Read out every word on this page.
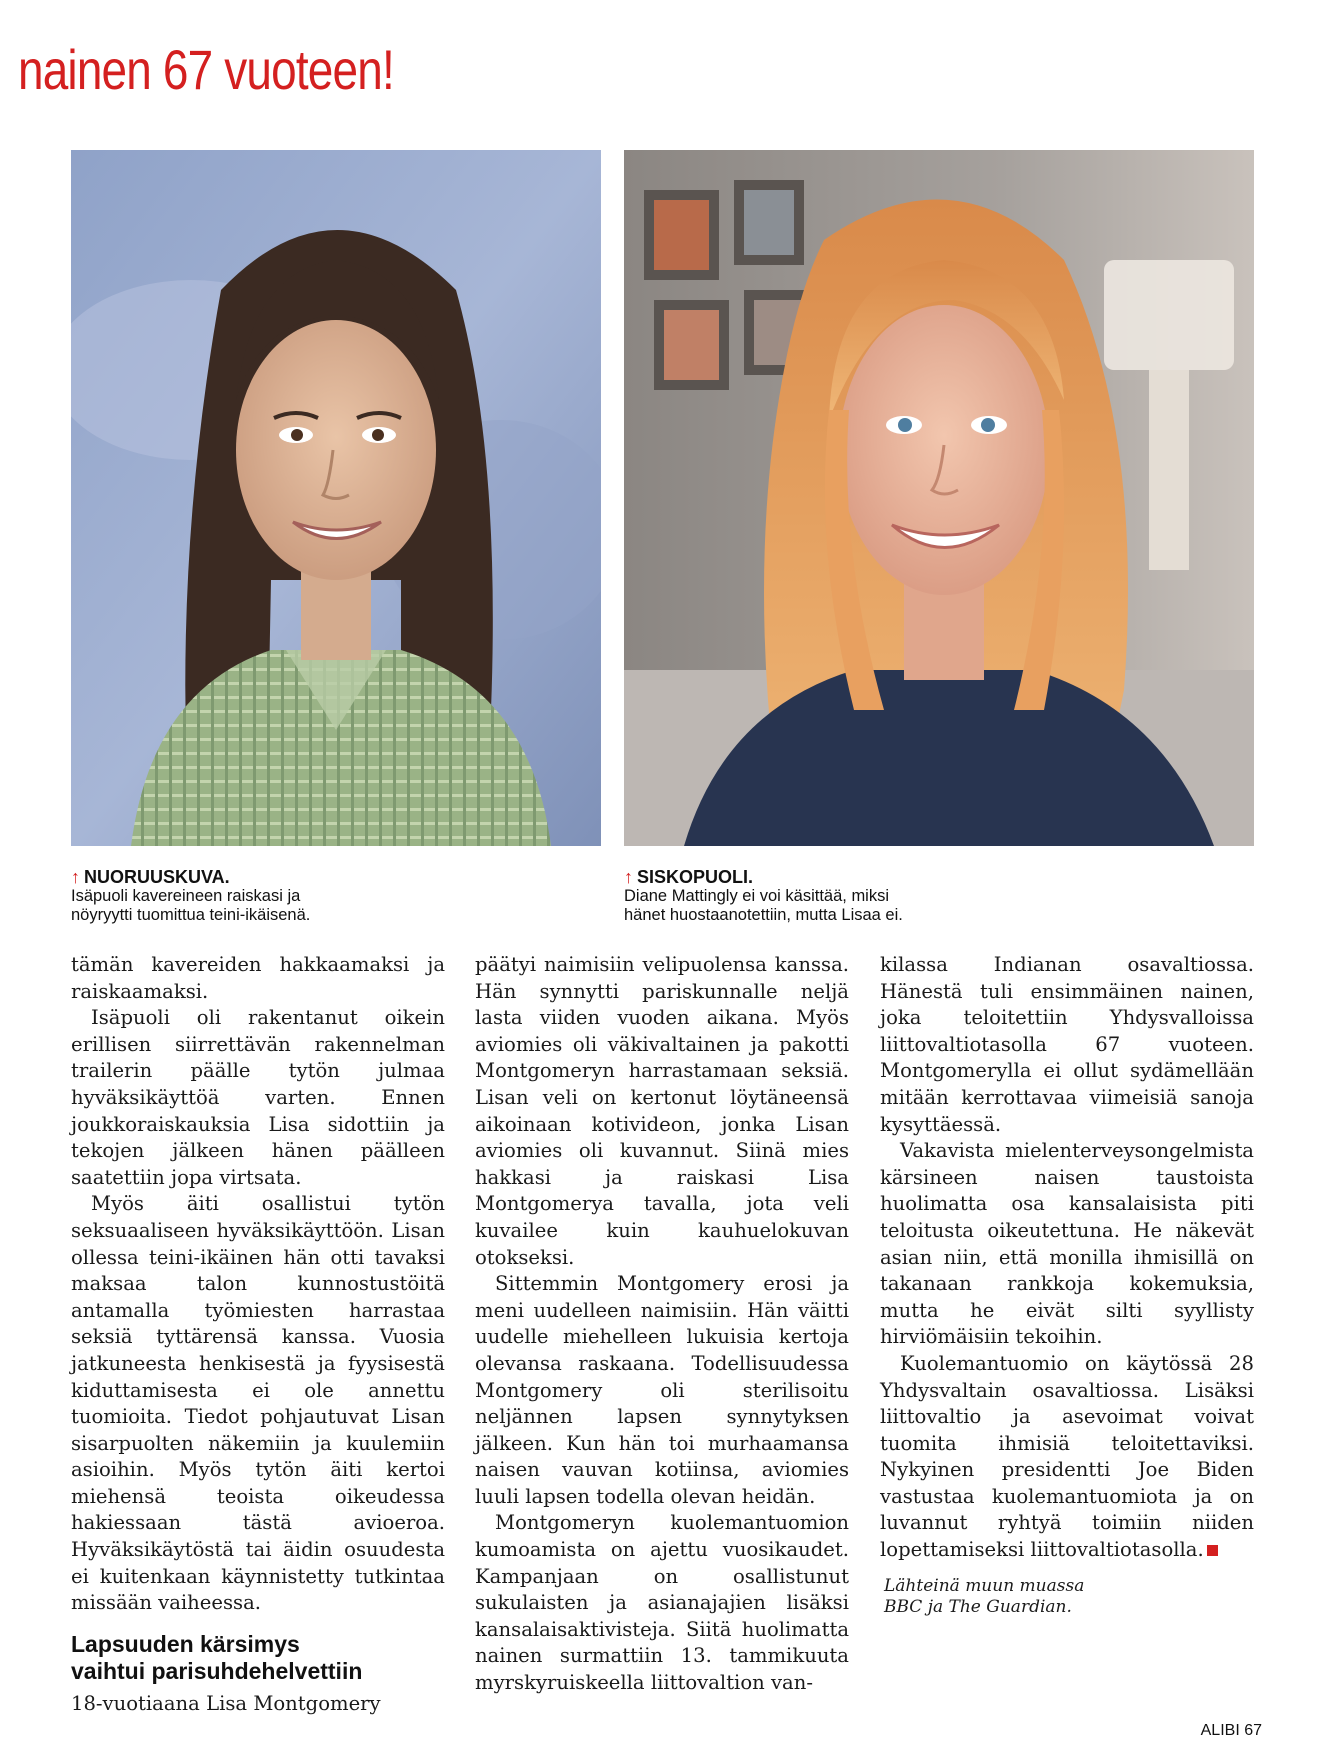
nainen 67 vuoteen!
↑ NUORUUSKUVA.
Isäpuoli kavereineen raiskasi ja
nöyryytti tuomittua teini-ikäisenä.
↑ SISKOPUOLI.
Diane Mattingly ei voi käsittää, miksi
hänet huostaanotettiin, mutta Lisaa ei.

tämän kavereiden hakkaamaksi ja raiskaamaksi.

Isäpuoli oli rakentanut oikein erillisen siirrettävän rakennelman trailerin päälle tytön julmaa hyväksikäyttöä varten. Ennen joukkoraiskauksia Lisa sidottiin ja tekojen jälkeen hänen päälleen saatettiin jopa virtsata.

Myös äiti osallistui tytön seksuaaliseen hyväksikäyttöön. Lisan ollessa teini-ikäinen hän otti tavaksi maksaa talon kunnostustöitä antamalla työmiesten harrastaa seksiä tyttärensä kanssa. Vuosia jatkuneesta henkisestä ja fyysisestä kiduttamisesta ei ole annettu tuomioita. Tiedot pohjautuvat Lisan sisarpuolten näkemiin ja kuulemiin asioihin. Myös tytön äiti kertoi miehensä teoista oikeudessa hakiessaan tästä avioeroa. Hyväksikäytöstä tai äidin osuudesta ei kuitenkaan käynnistetty tutkintaa missään vaiheessa.

Lapsuuden kärsimys
vaihtui parisuhdehelvettiin

18-vuotiaana Lisa Montgomery

päätyi naimisiin velipuolensa kanssa. Hän synnytti pariskunnalle neljä lasta viiden vuoden aikana. Myös aviomies oli väkivaltainen ja pakotti Montgomeryn harrastamaan seksiä. Lisan veli on kertonut löytäneensä aikoinaan kotivideon, jonka Lisan aviomies oli kuvannut. Siinä mies hakkasi ja raiskasi Lisa Montgomerya tavalla, jota veli kuvailee kuin kauhuelokuvan otokseksi.

Sittemmin Montgomery erosi ja meni uudelleen naimisiin. Hän väitti uudelle miehelleen lukuisia kertoja olevansa raskaana. Todellisuudessa Montgomery oli sterilisoitu neljännen lapsen synnytyksen jälkeen. Kun hän toi murhaamansa naisen vauvan kotiinsa, aviomies luuli lapsen todella olevan heidän.

Montgomeryn kuolemantuomion kumoamista on ajettu vuosikaudet. Kampanjaan on osallistunut sukulaisten ja asianajajien lisäksi kansalaisaktivisteja. Siitä huolimatta nainen surmattiin 13. tammikuuta myrskyruiskeella liittovaltion van-

kilassa Indianan osavaltiossa. Hänestä tuli ensimmäinen nainen, joka teloitettiin Yhdysvalloissa liittovaltiotasolla 67 vuoteen. Montgomerylla ei ollut sydämellään mitään kerrottavaa viimeisiä sanoja kysyttäessä.

Vakavista mielenterveysongelmista kärsineen naisen taustoista huolimatta osa kansalaisista piti teloitusta oikeutettuna. He näkevät asian niin, että monilla ihmisillä on takanaan rankkoja kokemuksia, mutta he eivät silti syyllisty hirviömäisiin tekoihin.

Kuolemantuomio on käytössä 28 Yhdysvaltain osavaltiossa. Lisäksi liittovaltio ja asevoimat voivat tuomita ihmisiä teloitettaviksi. Nykyinen presidentti Joe Biden vastustaa kuolemantuomiota ja on luvannut ryhtyä toimiin niiden lopettamiseksi liittovaltiotasolla.

Lähteinä muun muassa
BBC ja The Guardian.
ALIBI 67
